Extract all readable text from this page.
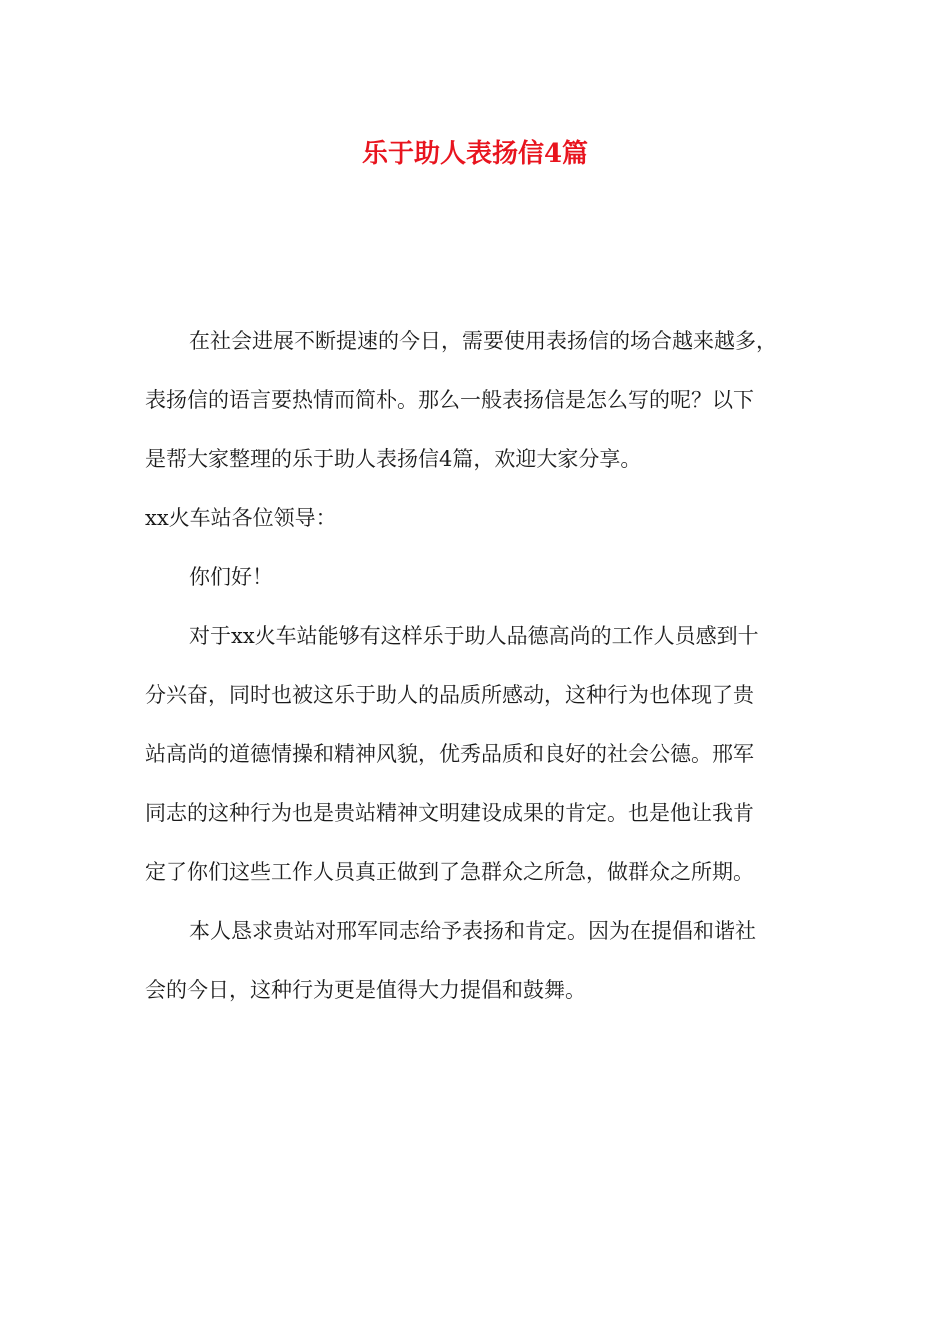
乐于助人表扬信4篇

在社会进展不断提速的今日，需要使用表扬信的场合越来越多，

表扬信的语言要热情而简朴。那么一般表扬信是怎么写的呢？以下

是帮大家整理的乐于助人表扬信4篇，欢迎大家分享。

xx火车站各位领导：

你们好！

对于xx火车站能够有这样乐于助人品德高尚的工作人员感到十

分兴奋，同时也被这乐于助人的品质所感动，这种行为也体现了贵

站高尚的道德情操和精神风貌，优秀品质和良好的社会公德。邢军

同志的这种行为也是贵站精神文明建设成果的肯定。也是他让我肯

定了你们这些工作人员真正做到了急群众之所急，做群众之所期。

本人恳求贵站对邢军同志给予表扬和肯定。因为在提倡和谐社

会的今日，这种行为更是值得大力提倡和鼓舞。
